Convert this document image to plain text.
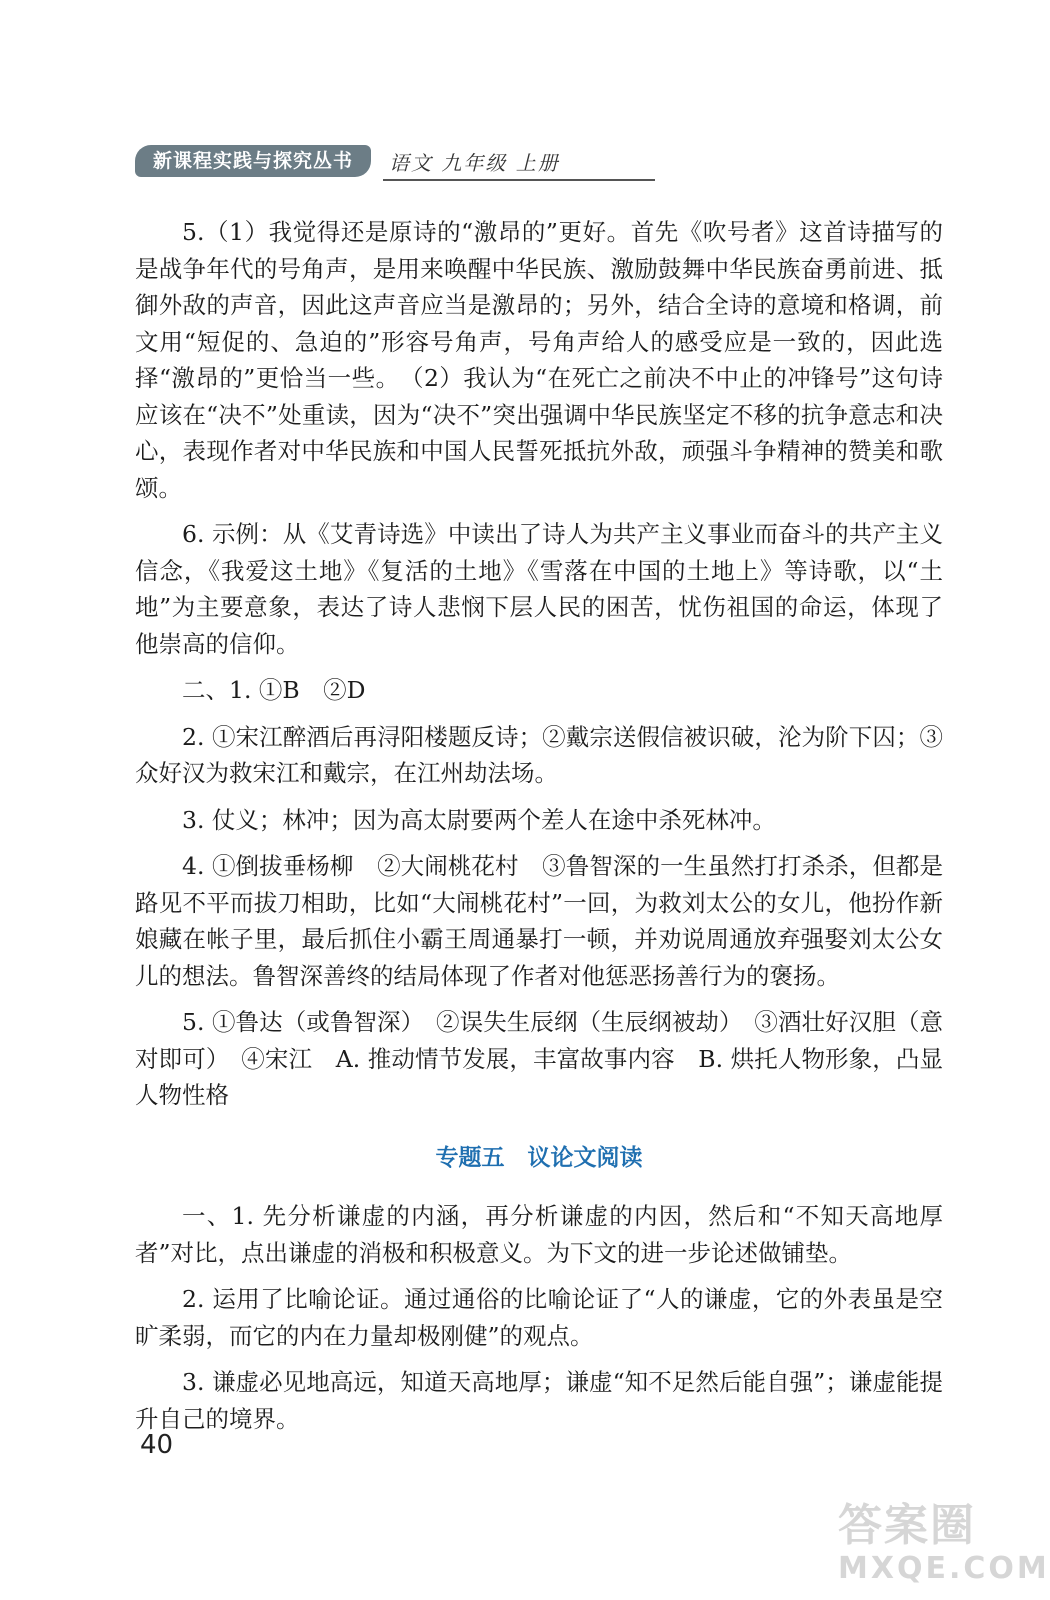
新课程实践与探究丛书	语文 九年级 上册

5.（1）我觉得还是原诗的“激昂的”更好。首先《吹号者》这首诗描写的是战争年代的号角声，是用来唤醒中华民族、激励鼓舞中华民族奋勇前进、抵御外敌的声音，因此这声音应当是激昂的；另外，结合全诗的意境和格调，前文用“短促的、急迫的”形容号角声，号角声给人的感受应是一致的，因此选择“激昂的”更恰当一些。　（2）我认为“在死亡之前决不中止的冲锋号”这句诗应该在“决不”处重读，因为“决不”突出强调中华民族坚定不移的抗争意志和决心，表现作者对中华民族和中国人民誓死抵抗外敌，顽强斗争精神的赞美和歌颂。

6. 示例：从《艾青诗选》中读出了诗人为共产主义事业而奋斗的共产主义信念，《我爱这土地》《复活的土地》《雪落在中国的土地上》等诗歌，以“土地”为主要意象，表达了诗人悲悯下层人民的困苦，忧伤祖国的命运，体现了他崇高的信仰。

二、1. ①B　②D

2. ①宋江醉酒后再浔阳楼题反诗；②戴宗送假信被识破，沦为阶下囚；③众好汉为救宋江和戴宗，在江州劫法场。

3. 仗义；林冲；因为高太尉要两个差人在途中杀死林冲。

4. ①倒拔垂杨柳　②大闹桃花村　③鲁智深的一生虽然打打杀杀，但都是路见不平而拔刀相助，比如“大闹桃花村”一回，为救刘太公的女儿，他扮作新娘藏在帐子里，最后抓住小霸王周通暴打一顿，并劝说周通放弃强娶刘太公女儿的想法。鲁智深善终的结局体现了作者对他惩恶扬善行为的褒扬。

5. ①鲁达（或鲁智深）　②误失生辰纲（生辰纲被劫）　③酒壮好汉胆（意对即可）　④宋江　A. 推动情节发展，丰富故事内容　B. 烘托人物形象，凸显人物性格

专题五　议论文阅读

一、1. 先分析谦虚的内涵，再分析谦虚的内因，然后和“不知天高地厚者”对比，点出谦虚的消极和积极意义。为下文的进一步论述做铺垫。

2. 运用了比喻论证。通过通俗的比喻论证了“人的谦虚，它的外表虽是空旷柔弱，而它的内在力量却极刚健”的观点。

3. 谦虚必见地高远，知道天高地厚；谦虚“知不足然后能自强”；谦虚能提升自己的境界。

40
答案圈
MXQE.COM
